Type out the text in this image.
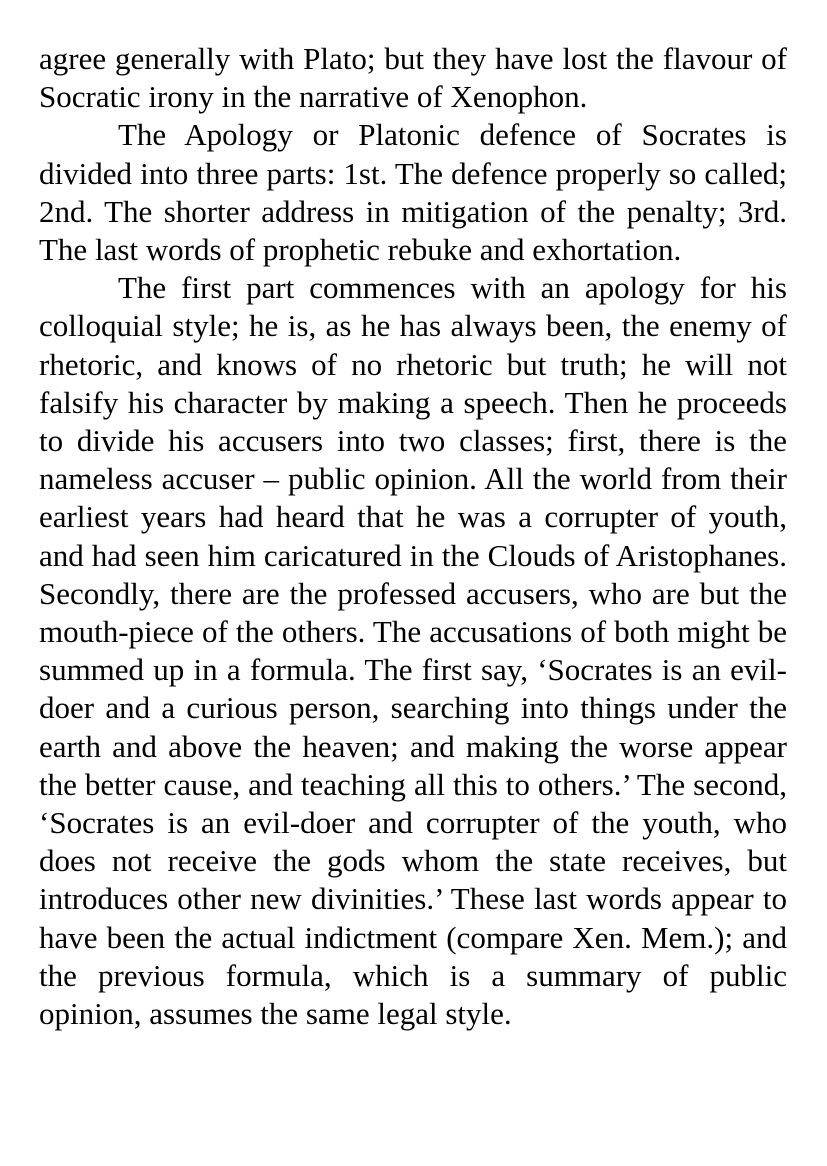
agree generally with Plato; but they have lost the flavour of Socratic irony in the narrative of Xenophon.

The Apology or Platonic defence of Socrates is divided into three parts: 1st. The defence properly so called; 2nd. The shorter address in mitigation of the penalty; 3rd. The last words of prophetic rebuke and exhortation.

The first part commences with an apology for his colloquial style; he is, as he has always been, the enemy of rhetoric, and knows of no rhetoric but truth; he will not falsify his character by making a speech. Then he proceeds to divide his accusers into two classes; first, there is the nameless accuser – public opinion. All the world from their earliest years had heard that he was a corrupter of youth, and had seen him caricatured in the Clouds of Aristophanes. Secondly, there are the professed accusers, who are but the mouth-piece of the others. The accusations of both might be summed up in a formula. The first say, ‘Socrates is an evil-doer and a curious person, searching into things under the earth and above the heaven; and making the worse appear the better cause, and teaching all this to others.’ The second, ‘Socrates is an evil-doer and corrupter of the youth, who does not receive the gods whom the state receives, but introduces other new divinities.’ These last words appear to have been the actual indictment (compare Xen. Mem.); and the previous formula, which is a summary of public opinion, assumes the same legal style.
